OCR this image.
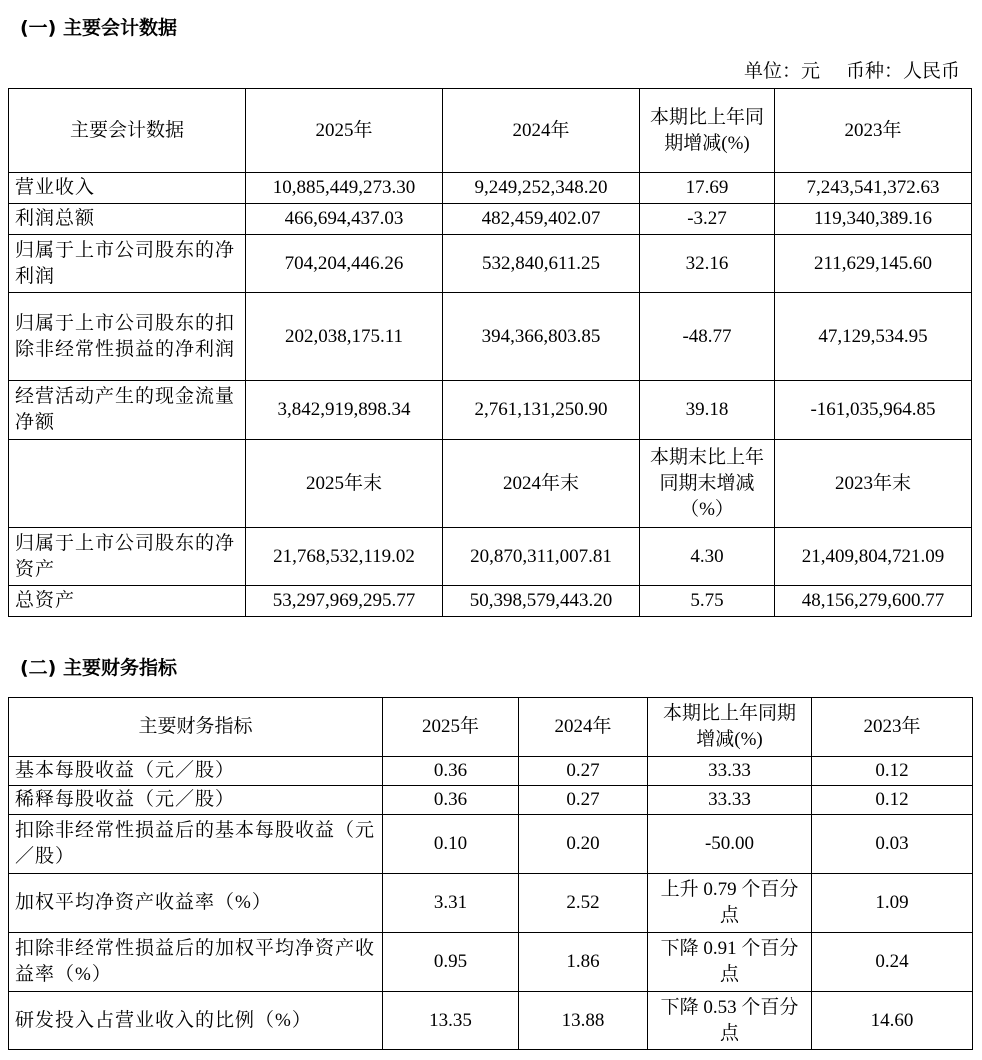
(一) 主要会计数据
单位：元 币种：人民币
主要会计数据	2025年	2024年	本期比上年同期增减(%)	2023年
营业收入	10,885,449,273.30	9,249,252,348.20	17.69	7,243,541,372.63
利润总额	466,694,437.03	482,459,402.07	-3.27	119,340,389.16
归属于上市公司股东的净利润	704,204,446.26	532,840,611.25	32.16	211,629,145.60
归属于上市公司股东的扣除非经常性损益的净利润	202,038,175.11	394,366,803.85	-48.77	47,129,534.95
经营活动产生的现金流量净额	3,842,919,898.34	2,761,131,250.90	39.18	-161,035,964.85
	2025年末	2024年末	本期末比上年同期末增减（%）	2023年末
归属于上市公司股东的净资产	21,768,532,119.02	20,870,311,007.81	4.30	21,409,804,721.09
总资产	53,297,969,295.77	50,398,579,443.20	5.75	48,156,279,600.77
(二) 主要财务指标
主要财务指标	2025年	2024年	本期比上年同期增减(%)	2023年
基本每股收益（元／股）	0.36	0.27	33.33	0.12
稀释每股收益（元／股）	0.36	0.27	33.33	0.12
扣除非经常性损益后的基本每股收益（元／股）	0.10	0.20	-50.00	0.03
加权平均净资产收益率（%）	3.31	2.52	上升 0.79 个百分点	1.09
扣除非经常性损益后的加权平均净资产收益率（%）	0.95	1.86	下降 0.91 个百分点	0.24
研发投入占营业收入的比例（%）	13.35	13.88	下降 0.53 个百分点	14.60
